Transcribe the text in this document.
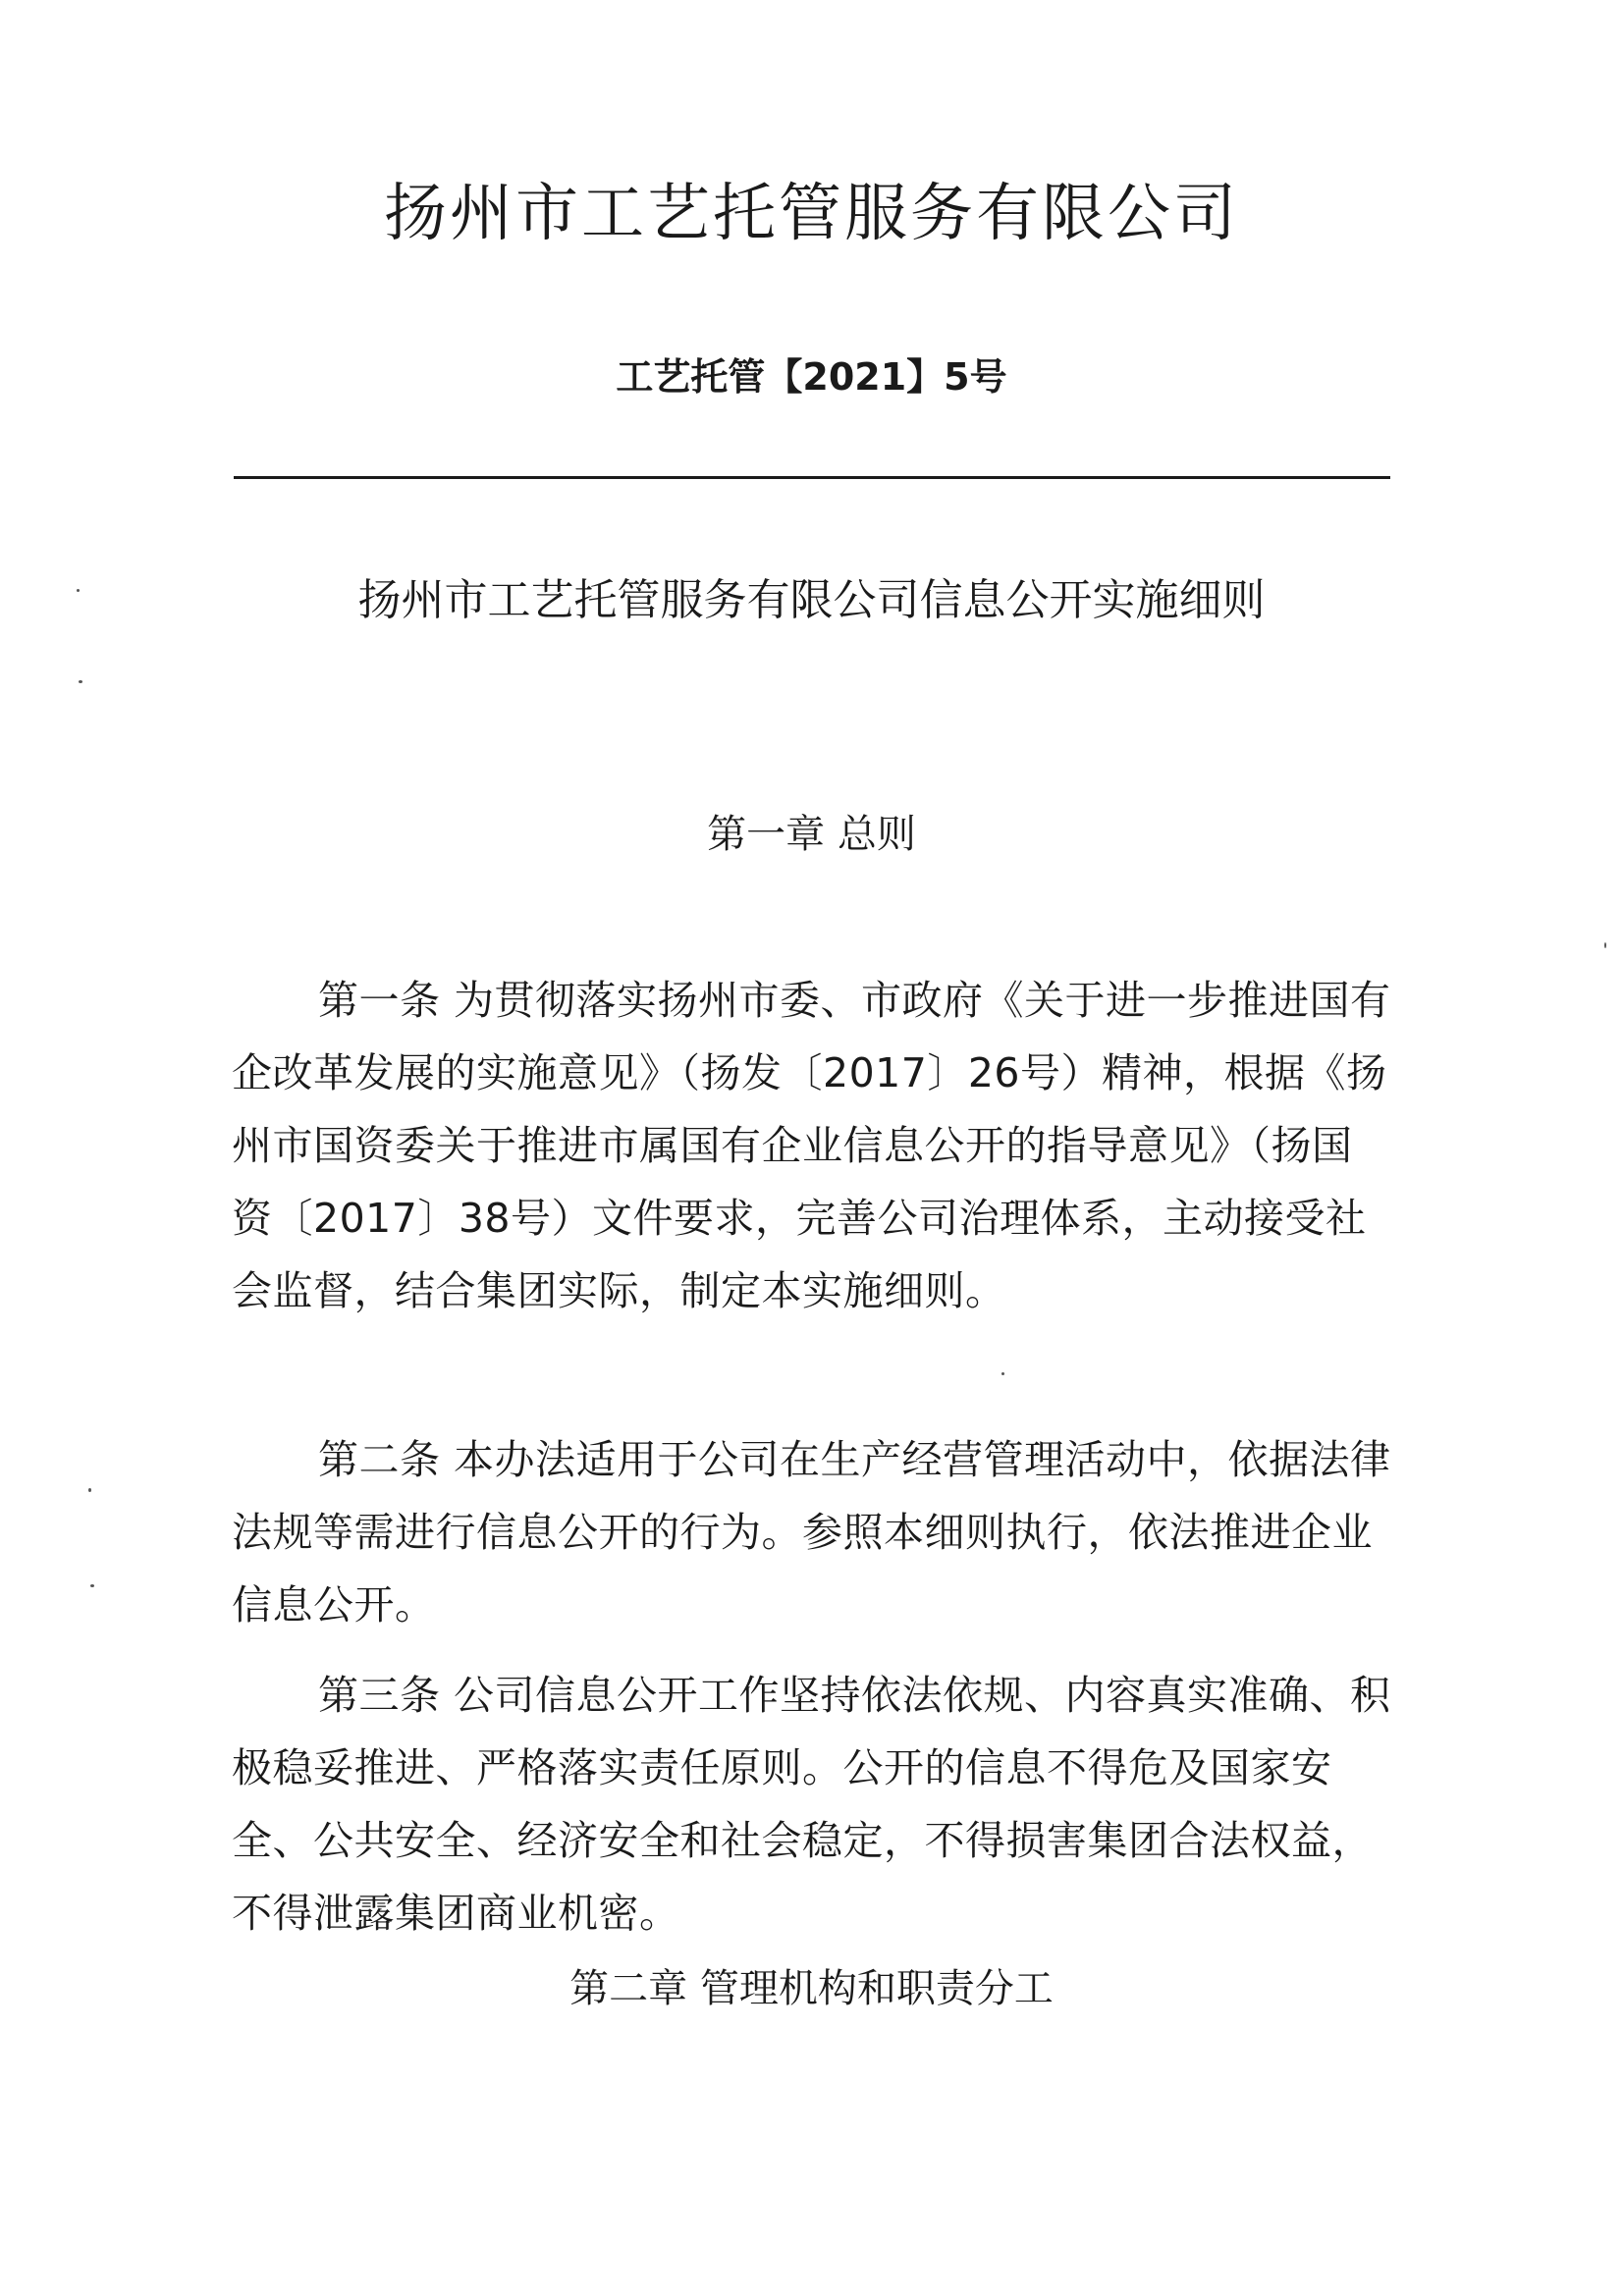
扬州市工艺托管服务有限公司
工艺托管【2021】5号
扬州市工艺托管服务有限公司信息公开实施细则
第一章 总则

第一条 为贯彻落实扬州市委、市政府《关于进一步推进国有企改革发展的实施意见》（扬发〔2017〕26号）精神，根据《扬州市国资委关于推进市属国有企业信息公开的指导意见》（扬国资〔2017〕38号）文件要求，完善公司治理体系，主动接受社会监督，结合集团实际，制定本实施细则。

第二条 本办法适用于公司在生产经营管理活动中，依据法律法规等需进行信息公开的行为。参照本细则执行，依法推进企业信息公开。

第三条 公司信息公开工作坚持依法依规、内容真实准确、积极稳妥推进、严格落实责任原则。公开的信息不得危及国家安全、公共安全、经济安全和社会稳定，不得损害集团合法权益，不得泄露集团商业机密。

第二章 管理机构和职责分工
